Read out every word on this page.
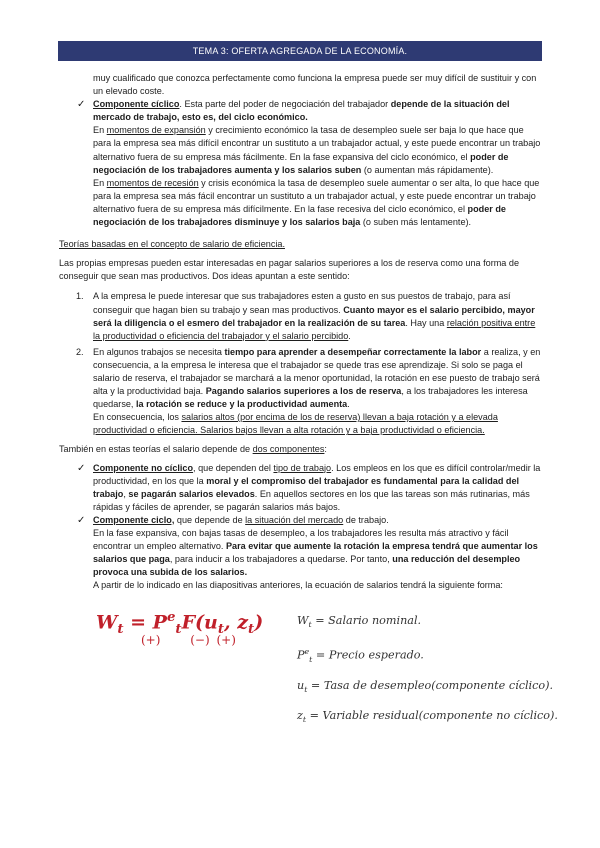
TEMA 3: OFERTA AGREGADA DE LA ECONOMÍA.

muy cualificado que conozca perfectamente como funciona la empresa puede ser muy difícil de sustituir y con un elevado coste.

✓ Componente cíclico. Esta parte del poder de negociación del trabajador depende de la situación del mercado de trabajo, esto es, del ciclo económico.

En momentos de expansión y crecimiento económico la tasa de desempleo suele ser baja lo que hace que para la empresa sea más difícil encontrar un sustituto a un trabajador actual, y este puede encontrar un trabajo alternativo fuera de su empresa más fácilmente. En la fase expansiva del ciclo económico, el poder de negociación de los trabajadores aumenta y los salarios suben (o aumentan más rápidamente).

En momentos de recesión y crisis económica la tasa de desempleo suele aumentar o ser alta, lo que hace que para la empresa sea más fácil encontrar un sustituto a un trabajador actual, y este puede encontrar un trabajo alternativo fuera de su empresa más difícilmente. En la fase recesiva del ciclo económico, el poder de negociación de los trabajadores disminuye y los salarios baja (o suben más lentamente).

Teorías basadas en el concepto de salario de eficiencia.

Las propias empresas pueden estar interesadas en pagar salarios superiores a los de reserva como una forma de conseguir que sean mas productivos. Dos ideas apuntan a este sentido:

1. A la empresa le puede interesar que sus trabajadores esten a gusto en sus puestos de trabajo, para así conseguir que hagan bien su trabajo y sean mas productivos. Cuanto mayor es el salario percibido, mayor será la diligencia o el esmero del trabajador en la realización de su tarea. Hay una relación positiva entre la productividad o eficiencia del trabajador y el salario percibido.

2. En algunos trabajos se necesita tiempo para aprender a desempeñar correctamente la labor a realiza, y en consecuencia, a la empresa le interesa que el trabajador se quede tras ese aprendizaje. Si solo se paga el salario de reserva, el trabajador se marchará a la menor oportunidad, la rotación en ese puesto de trabajo será alta y la productividad baja. Pagando salarios superiores a los de reserva, a los trabajadores les interesa quedarse, la rotación se reduce y la productividad aumenta.

En consecuencia, los salarios altos (por encima de los de reserva) llevan a baja rotación y a elevada productividad o eficiencia. Salarios bajos llevan a alta rotación y a baja productividad o eficiencia.

También en estas teorías el salario depende de dos componentes:

✓ Componente no cíclico, que dependen del tipo de trabajo. Los empleos en los que es difícil controlar/medir la productividad, en los que la moral y el compromiso del trabajador es fundamental para la calidad del trabajo, se pagarán salarios elevados. En aquellos sectores en los que las tareas son más rutinarias, más rápidas y fáciles de aprender, se pagarán salarios más bajos.

✓ Componente ciclo, que depende de la situación del mercado de trabajo.

En la fase expansiva, con bajas tasas de desempleo, a los trabajadores les resulta más atractivo y fácil encontrar un empleo alternativo. Para evitar que aumente la rotación la empresa tendrá que aumentar los salarios que paga, para inducir a los trabajadores a quedarse. Por tanto, una reducción del desempleo provoca una subida de los salarios.

A partir de lo indicado en las diapositivas anteriores, la ecuación de salarios tendrá la siguiente forma:

$W_t = P^e_tF(u_t$, $z_t$)
(+) (−) (+)
$W_t$ = Salario nominal.
$P^e_t$ = Precio esperado.
$u_t$ = Tasa de desempleo(componente cíclico).
$z_t$ = Variable residual(componente no cíclico).
